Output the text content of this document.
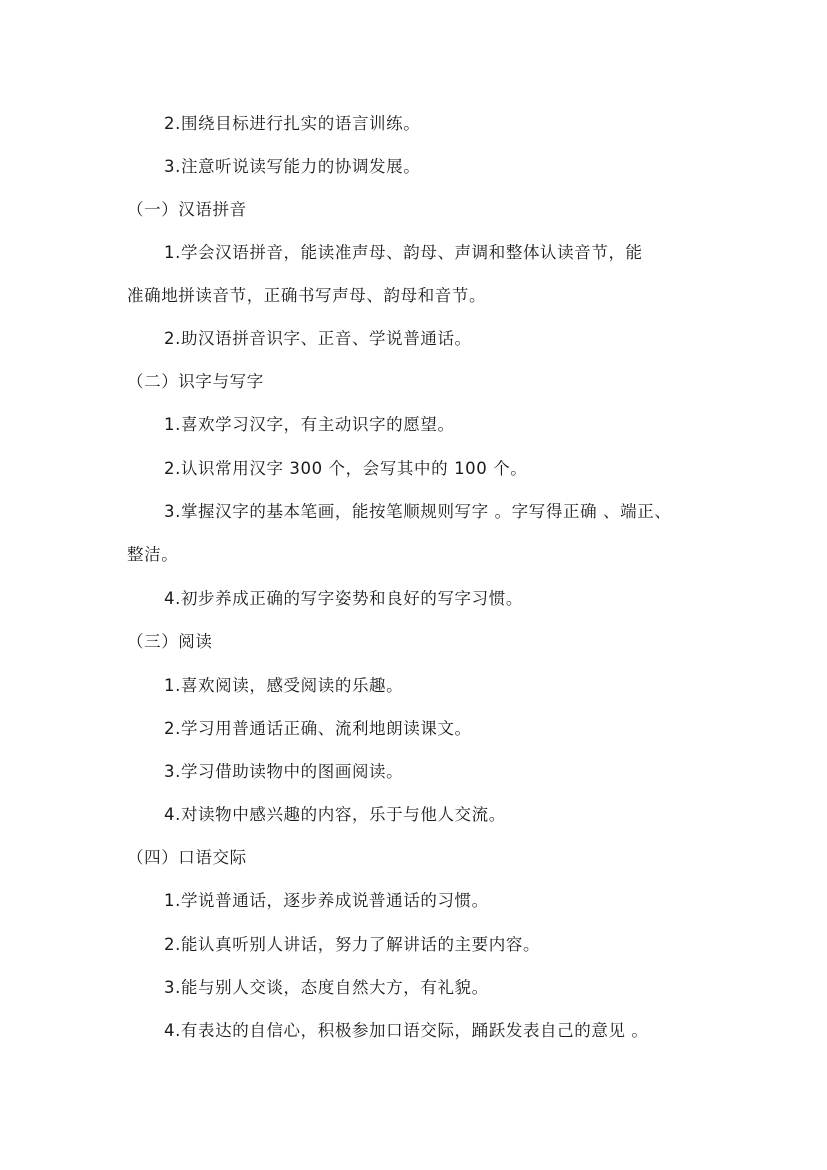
2.围绕目标进行扎实的语言训练。
3.注意听说读写能力的协调发展。
（一）汉语拼音
1.学会汉语拼音，能读准声母、韵母、声调和整体认读音节，能
准确地拼读音节，正确书写声母、韵母和音节。
2.助汉语拼音识字、正音、学说普通话。
（二）识字与写字
1.喜欢学习汉字，有主动识字的愿望。
2.认识常用汉字 300 个，会写其中的 100 个。
3.掌握汉字的基本笔画，能按笔顺规则写字 。字写得正确 、端正、
整洁。
4.初步养成正确的写字姿势和良好的写字习惯。
（三）阅读
1.喜欢阅读，感受阅读的乐趣。
2.学习用普通话正确、流利地朗读课文。
3.学习借助读物中的图画阅读。
4.对读物中感兴趣的内容，乐于与他人交流。
（四）口语交际
1.学说普通话，逐步养成说普通话的习惯。
2.能认真听别人讲话，努力了解讲话的主要内容。
3.能与别人交谈，态度自然大方，有礼貌。
4.有表达的自信心，积极参加口语交际，踊跃发表自己的意见 。
